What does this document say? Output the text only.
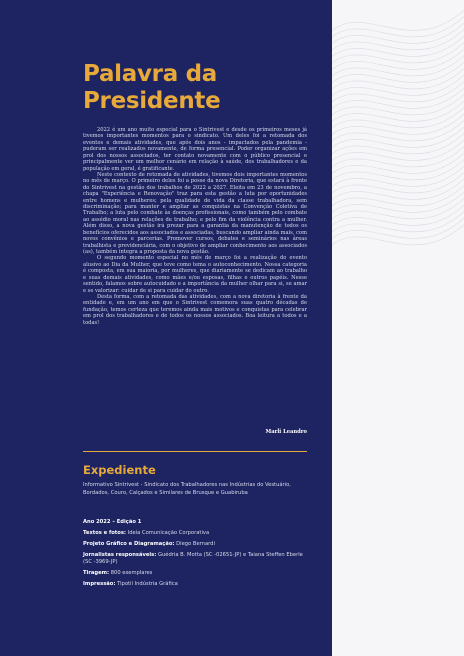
Palavra da
Presidente

2022 é um ano muito especial para o Sintrivest e desde os primeiros meses já tivemos importantes momentos para o sindicato. Um deles foi a retomada dos eventos e demais atividades, que após dois anos - impactados pela pandemia - puderam ser realizados novamente, de forma presencial. Poder organizar ações em prol dos nossos associados, ter contato novamente com o público presencial e principalmente ver um melhor cenário em relação à saúde, dos trabalhadores e da população em geral, é gratificante.

Neste contexto de retomada de atividades, tivemos dois importantes momentos no mês de março. O primeiro deles foi a posse da nova Diretoria, que estará à frente do Sintrivest na gestão dos trabalhos de 2022 a 2027. Eleita em 23 de novembro, a chapa "Experiência e Renovação" traz para esta gestão a luta por oportunidades entre homens e mulheres; pela qualidade de vida da classe trabalhadora, sem discriminação; para manter e ampliar as conquistas na Convenção Coletiva de Trabalho; a luta pelo combate às doenças profissionais, como também pelo combate ao assédio moral nas relações de trabalho; e pelo fim da violência contra a mulher. Além disso, a nova gestão irá prezar para a garantia da manutenção de todos os benefícios oferecidos aos associados e associadas, buscando ampliar ainda mais, com novos convênios e parcerias. Promover cursos, debates e seminários nas áreas trabalhista e previdenciária, com o objetivo de ampliar conhecimento aos associados (as), também integra a proposta da nova gestão.

O segundo momento especial no mês de março foi a realização do evento alusivo ao Dia da Mulher, que teve como tema o autoconhecimento. Nossa categoria é composta, em sua maioria, por mulheres, que diariamente se dedicam ao trabalho e suas demais atividades, como mães e/ou esposas, filhas e outros papéis. Nesse sentido, falamos sobre autocuidado e a importância da mulher olhar para si, se amar e se valorizar: cuidar de si para cuidar do outro.

Desta forma, com a retomada das atividades, com a nova diretoria à frente da entidade e, em um ano em que o Sintrivest comemora suas quatro décadas de fundação, temos certeza que teremos ainda mais motivos e conquistas para celebrar em prol dos trabalhadores e de todos os nossos associados. Boa leitura a todos e a todas!

Marli Leandro
Expediente
Informativo Sintrivest - Sindicato dos Trabalhadores nas Indústrias do Vestuário, Bordados, Couro, Calçados e Similares de Brusque e Guabiruba
Ano 2022 – Edição 1
Textos e fotos: Ideia Comunicação Corporativa
Projeto Gráfico e Diagramação: Diego Bernardi
Jornalistas responsáveis: Guédria B. Motta (SC -02651-JP) e Taiana Steffen Eberle (SC -3969-JP)
Tiragem: 800 exemplares
Impressão: Tipotil Indústria Gráfica
